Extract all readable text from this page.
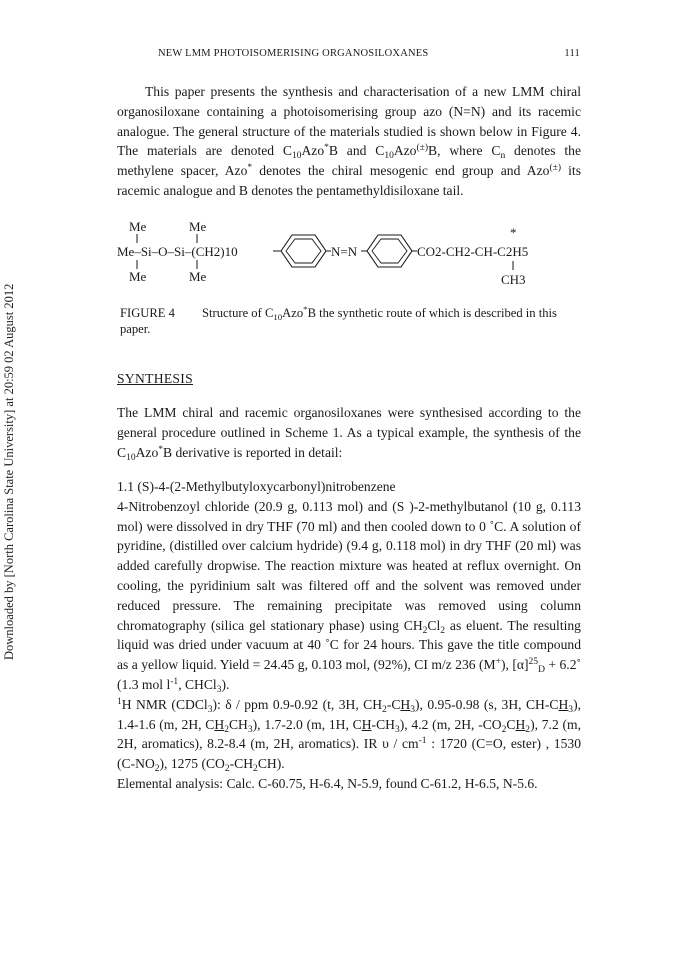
NEW LMM PHOTOISOMERISING ORGANOSILOXANES	111
Downloaded by [North Carolina State University] at 20:59 02 August 2012

This paper presents the synthesis and characterisation of a new LMM chiral organosiloxane containing a photoisomerising group azo (N=N) and its racemic analogue. The general structure of the materials studied is shown below in Figure 4. The materials are denoted $C_{10}Azo^*B$ and $C_{10}Azo^{(\pm)}B$, where $C_n$ denotes the methylene spacer, Azo* denotes the chiral mesogenic end group and Azo(±) its racemic analogue and B denotes the pentamethyldisiloxane tail.

Me	Me
Me–Si–O–Si–(CH2)10
Me	Me
N=N	CO2-CH2-CH-C2H5
*
CH3
FIGURE 4 Structure of $C_{10}Azo^*B$ the synthetic route of which is described in this paper.
SYNTHESIS

The LMM chiral and racemic organosiloxanes were synthesised according to the general procedure outlined in Scheme 1. As a typical example, the synthesis of the $C_{10}Azo^*B$ derivative is reported in detail:

1.1 (S)-4-(2-Methylbutyloxycarbonyl)nitrobenzene

4-Nitrobenzoyl chloride (20.9 g, 0.113 mol) and (S )-2-methylbutanol (10 g, 0.113 mol) were dissolved in dry THF (70 ml) and then cooled down to 0 ˚C. A solution of pyridine, (distilled over calcium hydride) (9.4 g, 0.118 mol) in dry THF (20 ml) was added carefully dropwise. The reaction mixture was heated at reflux overnight. On cooling, the pyridinium salt was filtered off and the solvent was removed under reduced pressure. The remaining precipitate was removed using column chromatography (silica gel stationary phase) using $CH_2Cl_2$ as eluent. The resulting liquid was dried under vacuum at 40 ˚C for 24 hours. This gave the title compound as a yellow liquid. Yield = 24.45 g, 0.103 mol, (92%), CI m/z 236 (M+), $[\alpha]^{25}_D$ + 6.2˚ (1.3 mol $l^{-1}$, CHCl$_3$).

$^1$H NMR (CDCl$_3$): δ / ppm 0.9-0.92 (t, 3H, $CH_2-CH_3$), 0.95-0.98 (s, 3H, $CH-CH_3$), 1.4-1.6 (m, 2H, $CH_2CH_3$), 1.7-2.0 (m, 1H, $CH-CH_3$), 4.2 (m, 2H, $-CO_2CH_2$), 7.2 (m, 2H, aromatics), 8.2-8.4 (m, 2H, aromatics). IR υ / $cm^{-1}$ : 1720 (C=O, ester) , 1530 $(C-NO_2)$, 1275 $(CO_2-CH_2CH)$.

Elemental analysis: Calc. C-60.75, H-6.4, N-5.9, found C-61.2, H-6.5, N-5.6.
